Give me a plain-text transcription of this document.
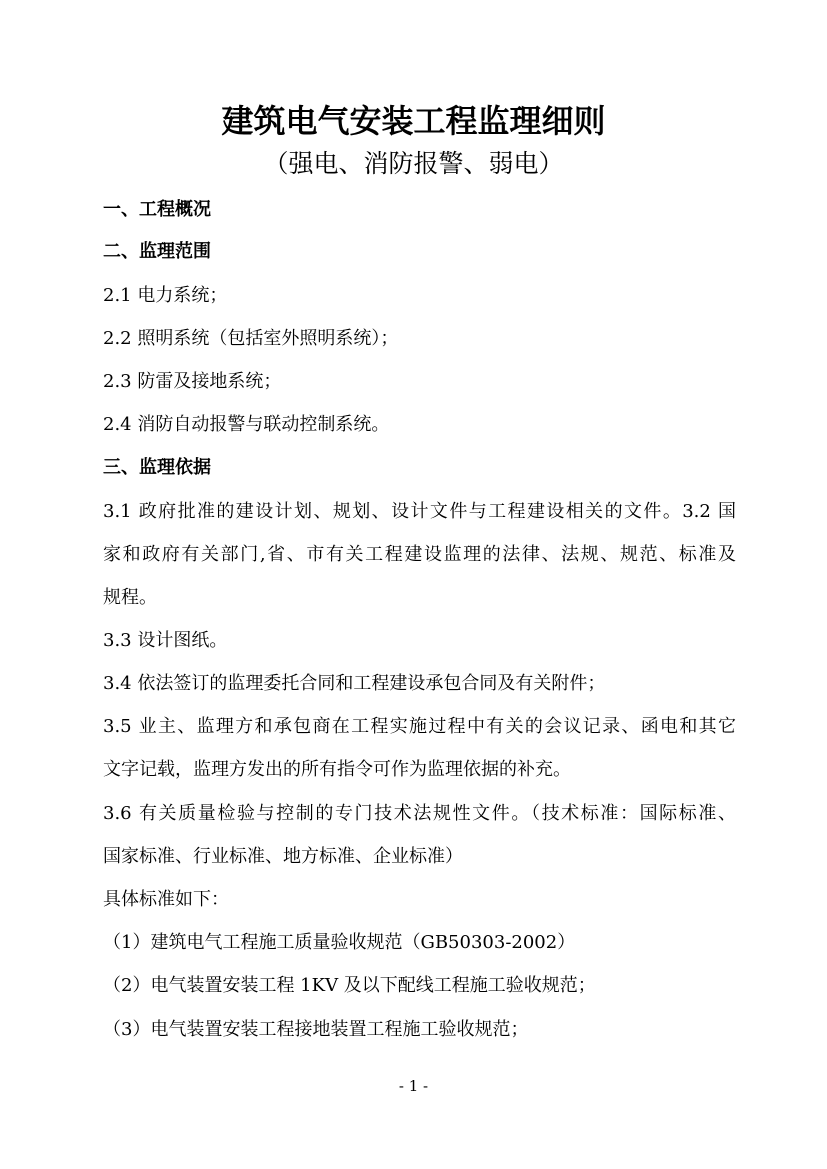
建筑电气安装工程监理细则
（强电、消防报警、弱电）
一、工程概况
二、监理范围
2.1 电力系统；
2.2 照明系统（包括室外照明系统）；
2.3 防雷及接地系统；
2.4 消防自动报警与联动控制系统。
三、监理依据
3.1 政府批准的建设计划、规划、设计文件与工程建设相关的文件。3.2 国
家和政府有关部门,省、市有关工程建设监理的法律、法规、规范、标准及
规程。
3.3 设计图纸。
3.4 依法签订的监理委托合同和工程建设承包合同及有关附件；
3.5 业主、监理方和承包商在工程实施过程中有关的会议记录、函电和其它
文字记载，监理方发出的所有指令可作为监理依据的补充。
3.6 有关质量检验与控制的专门技术法规性文件。（技术标准：国际标准、
国家标准、行业标准、地方标准、企业标准）
具体标准如下：
（1）建筑电气工程施工质量验收规范（GB50303-2002）
（2）电气装置安装工程 1KV 及以下配线工程施工验收规范；
（3）电气装置安装工程接地装置工程施工验收规范；
- 1 -
